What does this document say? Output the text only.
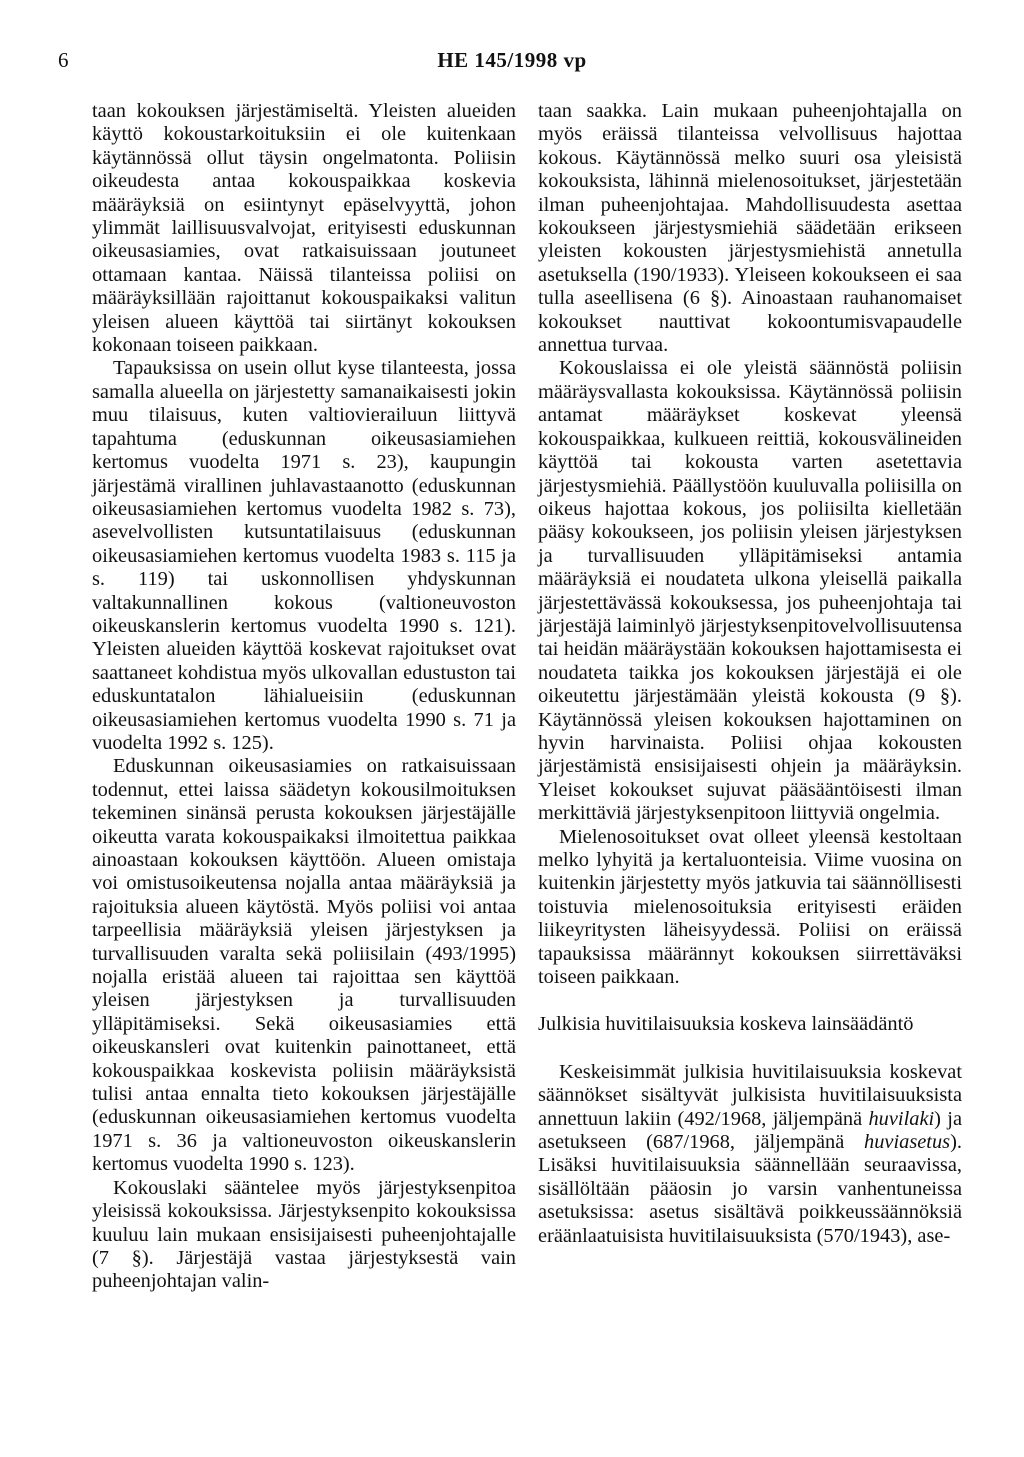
6	HE 145/1998 vp

taan kokouksen järjestämiseltä. Yleisten alueiden käyttö kokoustarkoituksiin ei ole kuitenkaan käytännössä ollut täysin ongelmatonta. Poliisin oikeudesta antaa kokouspaikkaa koskevia määräyksiä on esiintynyt epäselvyyttä, johon ylimmät laillisuusvalvojat, erityisesti eduskunnan oikeusasiamies, ovat ratkaisuissaan joutuneet ottamaan kantaa. Näissä tilanteissa poliisi on määräyksillään rajoittanut kokouspaikaksi valitun yleisen alueen käyttöä tai siirtänyt kokouksen kokonaan toiseen paikkaan.

Tapauksissa on usein ollut kyse tilanteesta, jossa samalla alueella on järjestetty samanaikaisesti jokin muu tilaisuus, kuten valtiovierailuun liittyvä tapahtuma (eduskunnan oikeusasiamiehen kertomus vuodelta 1971 s. 23), kaupungin järjestämä virallinen juhlavastaanotto (eduskunnan oikeusasiamiehen kertomus vuodelta 1982 s. 73), asevelvollisten kutsuntatilaisuus (eduskunnan oikeusasiamiehen kertomus vuodelta 1983 s. 115 ja s. 119) tai uskonnollisen yhdyskunnan valtakunnallinen kokous (valtioneuvoston oikeuskanslerin kertomus vuodelta 1990 s. 121). Yleisten alueiden käyttöä koskevat rajoitukset ovat saattaneet kohdistua myös ulkovallan edustuston tai eduskuntatalon lähialueisiin (eduskunnan oikeusasiamiehen kertomus vuodelta 1990 s. 71 ja vuodelta 1992 s. 125).

Eduskunnan oikeusasiamies on ratkaisuissaan todennut, ettei laissa säädetyn kokousilmoituksen tekeminen sinänsä perusta kokouksen järjestäjälle oikeutta varata kokouspaikaksi ilmoitettua paikkaa ainoastaan kokouksen käyttöön. Alueen omistaja voi omistusoikeutensa nojalla antaa määräyksiä ja rajoituksia alueen käytöstä. Myös poliisi voi antaa tarpeellisia määräyksiä yleisen järjestyksen ja turvallisuuden varalta sekä poliisilain (493/1995) nojalla eristää alueen tai rajoittaa sen käyttöä yleisen järjestyksen ja turvallisuuden ylläpitämiseksi. Sekä oikeusasiamies että oikeuskansleri ovat kuitenkin painottaneet, että kokouspaikkaa koskevista poliisin määräyksistä tulisi antaa ennalta tieto kokouksen järjestäjälle (eduskunnan oikeusasiamiehen kertomus vuodelta 1971 s. 36 ja valtioneuvoston oikeuskanslerin kertomus vuodelta 1990 s. 123).

Kokouslaki sääntelee myös järjestyksenpitoa yleisissä kokouksissa. Järjestyksenpito kokouksissa kuuluu lain mukaan ensisijaisesti puheenjohtajalle (7 §). Järjestäjä vastaa järjestyksestä vain puheenjohtajan valin-

taan saakka. Lain mukaan puheenjohtajalla on myös eräissä tilanteissa velvollisuus hajottaa kokous. Käytännössä melko suuri osa yleisistä kokouksista, lähinnä mielenosoitukset, järjestetään ilman puheenjohtajaa. Mahdollisuudesta asettaa kokoukseen järjestysmiehiä säädetään erikseen yleisten kokousten järjestysmiehistä annetulla asetuksella (190/1933). Yleiseen kokoukseen ei saa tulla aseellisena (6 §). Ainoastaan rauhanomaiset kokoukset nauttivat kokoontumisvapaudelle annettua turvaa.

Kokouslaissa ei ole yleistä säännöstä poliisin määräysvallasta kokouksissa. Käytännössä poliisin antamat määräykset koskevat yleensä kokouspaikkaa, kulkueen reittiä, kokousvälineiden käyttöä tai kokousta varten asetettavia järjestysmiehiä. Päällystöön kuuluvalla poliisilla on oikeus hajottaa kokous, jos poliisilta kielletään pääsy kokoukseen, jos poliisin yleisen järjestyksen ja turvallisuuden ylläpitämiseksi antamia määräyksiä ei noudateta ulkona yleisellä paikalla järjestettävässä kokouksessa, jos puheenjohtaja tai järjestäjä laiminlyö järjestyksenpitovelvollisuutensa tai heidän määräystään kokouksen hajottamisesta ei noudateta taikka jos kokouksen järjestäjä ei ole oikeutettu järjestämään yleistä kokousta (9 §). Käytännössä yleisen kokouksen hajottaminen on hyvin harvinaista. Poliisi ohjaa kokousten järjestämistä ensisijaisesti ohjein ja määräyksin. Yleiset kokoukset sujuvat pääsääntöisesti ilman merkittäviä järjestyksenpitoon liittyviä ongelmia.

Mielenosoitukset ovat olleet yleensä kestoltaan melko lyhyitä ja kertaluonteisia. Viime vuosina on kuitenkin järjestetty myös jatkuvia tai säännöllisesti toistuvia mielenosoituksia erityisesti eräiden liikeyritysten läheisyydessä. Poliisi on eräissä tapauksissa määrännyt kokouksen siirrettäväksi toiseen paikkaan.

Julkisia huvitilaisuuksia koskeva lainsäädäntö

Keskeisimmät julkisia huvitilaisuuksia koskevat säännökset sisältyvät julkisista huvitilaisuuksista annettuun lakiin (492/1968, jäljempänä huvilaki) ja asetukseen (687/1968, jäljempänä huviasetus). Lisäksi huvitilaisuuksia säännellään seuraavissa, sisällöltään pääosin jo varsin vanhentuneissa asetuksissa: asetus sisältävä poikkeussäännöksiä eräänlaatuisista huvitilaisuuksista (570/1943), ase-
